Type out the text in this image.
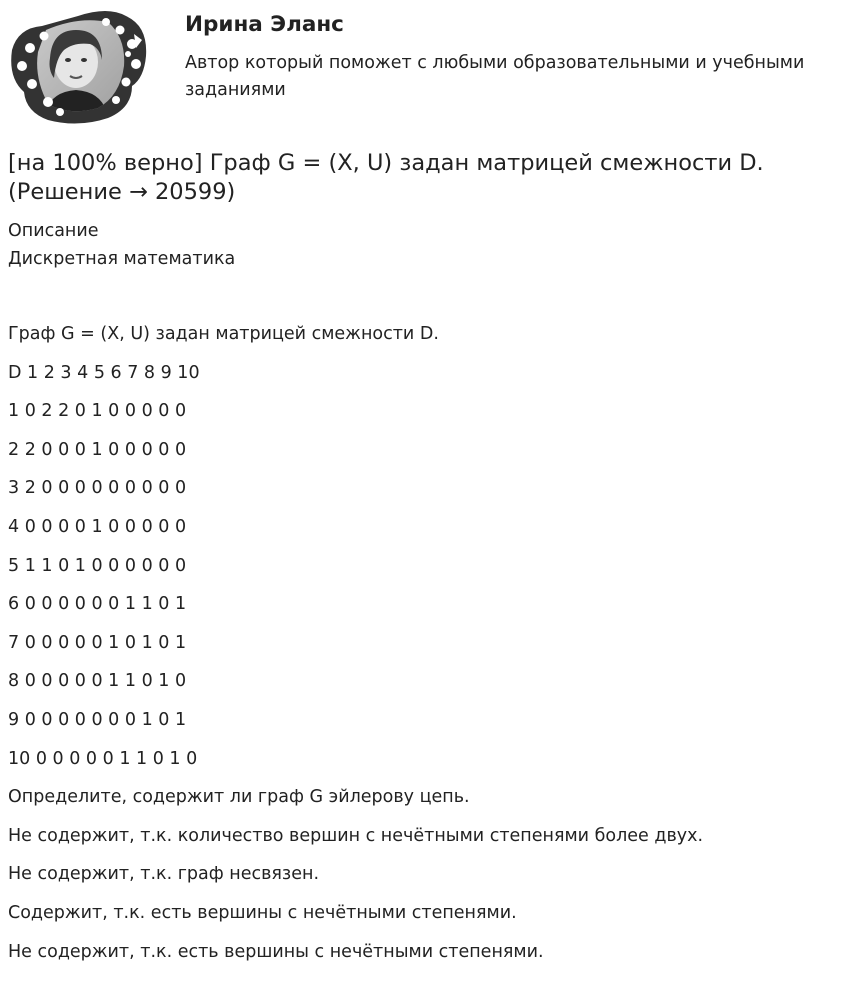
Ирина Эланс

Автор который поможет с любыми образовательными и учебными заданиями

[на 100% верно] Граф G = (X, U) задан матрицей смежности D. (Решение → 20599)
Описание
Дискретная математика

Граф G = (X, U) задан матрицей смежности D.

D 1 2 3 4 5 6 7 8 9 10

1 0 2 2 0 1 0 0 0 0 0

2 2 0 0 0 1 0 0 0 0 0

3 2 0 0 0 0 0 0 0 0 0

4 0 0 0 0 1 0 0 0 0 0

5 1 1 0 1 0 0 0 0 0 0

6 0 0 0 0 0 0 1 1 0 1

7 0 0 0 0 0 1 0 1 0 1

8 0 0 0 0 0 1 1 0 1 0

9 0 0 0 0 0 0 0 1 0 1

10 0 0 0 0 0 1 1 0 1 0

Определите, содержит ли граф G эйлерову цепь.

Не содержит, т.к. количество вершин с нечётными степенями более двух.

Не содержит, т.к. граф несвязен.

Содержит, т.к. есть вершины с нечётными степенями.

Не содержит, т.к. есть вершины с нечётными степенями.
